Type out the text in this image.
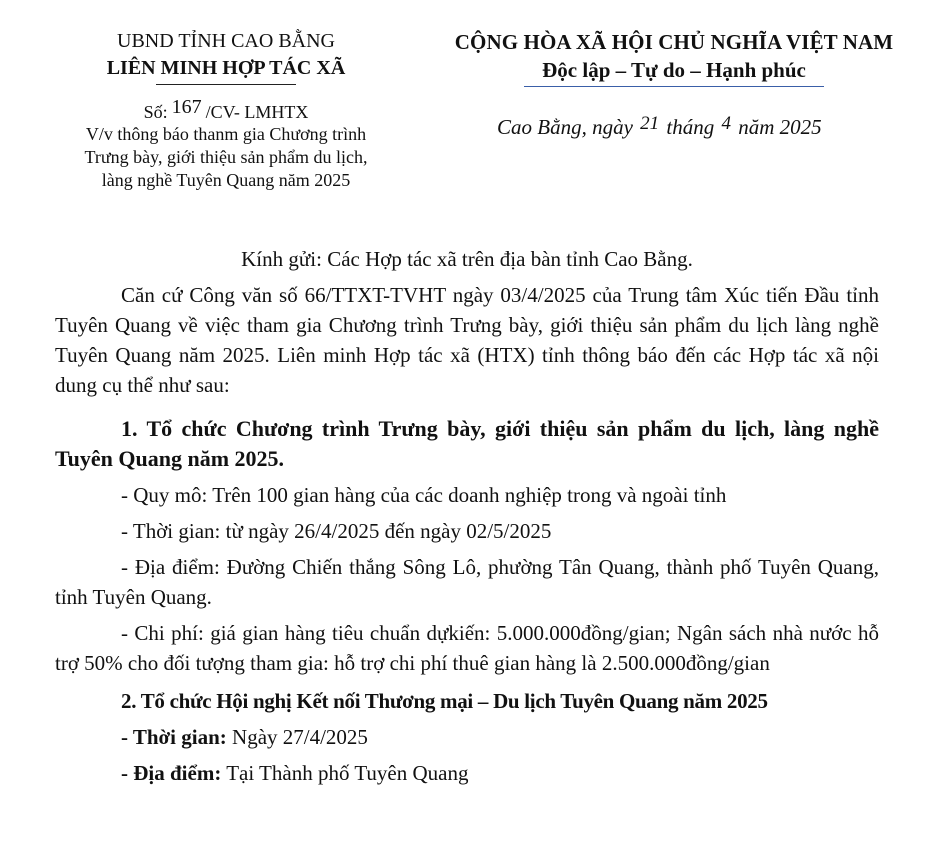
UBND TỈNH CAO BẰNG
LIÊN MINH HỢP TÁC XÃ
Số: 167 /CV- LMHTX
V/v thông báo thanm gia Chương trình
Trưng bày, giới thiệu sản phẩm du lịch,
làng nghề Tuyên Quang năm 2025
CỘNG HÒA XÃ HỘI CHỦ NGHĨA VIỆT NAM
Độc lập – Tự do – Hạnh phúc
Cao Bằng, ngày 21 tháng 4 năm 2025
Kính gửi: Các Hợp tác xã trên địa bàn tỉnh Cao Bằng.
Căn cứ Công văn số 66/TTXT-TVHT ngày 03/4/2025 của Trung tâm Xúc tiến Đầu tỉnh Tuyên Quang về việc tham gia Chương trình Trưng bày, giới thiệu sản phẩm du lịch làng nghề Tuyên Quang năm 2025. Liên minh Hợp tác xã (HTX) tỉnh thông báo đến các Hợp tác xã nội dung cụ thể như sau:
1. Tổ chức Chương trình Trưng bày, giới thiệu sản phẩm du lịch, làng nghề Tuyên Quang năm 2025.
- Quy mô: Trên 100 gian hàng của các doanh nghiệp trong và ngoài tỉnh
- Thời gian: từ ngày 26/4/2025 đến ngày 02/5/2025
- Địa điểm: Đường Chiến thắng Sông Lô, phường Tân Quang, thành phố Tuyên Quang, tỉnh Tuyên Quang.
- Chi phí: giá gian hàng tiêu chuẩn dựkiến: 5.000.000đồng/gian; Ngân sách nhà nước hỗ trợ 50% cho đối tượng tham gia: hỗ trợ chi phí thuê gian hàng là 2.500.000đồng/gian
2. Tổ chức Hội nghị Kết nối Thương mại – Du lịch Tuyên Quang năm 2025
- Thời gian: Ngày 27/4/2025
- Địa điểm: Tại Thành phố Tuyên Quang
